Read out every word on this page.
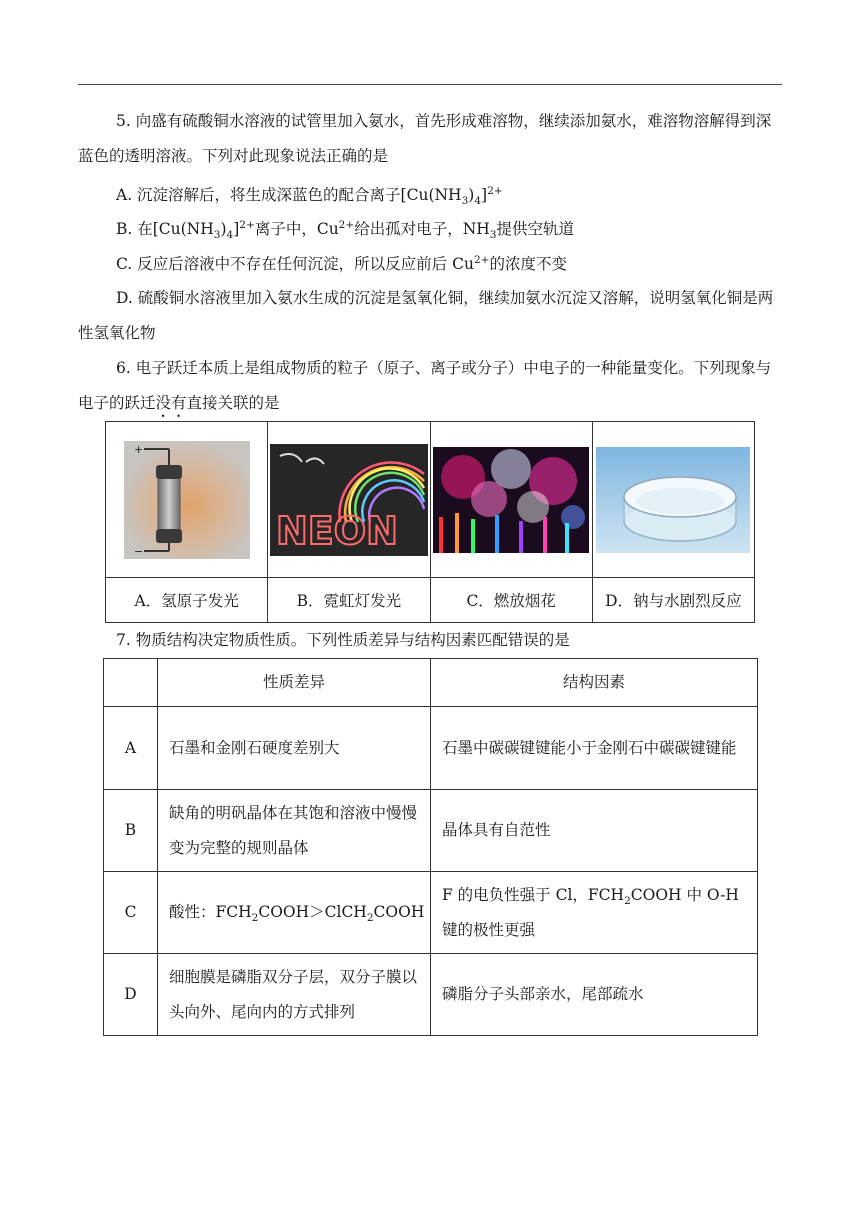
5. 向盛有硫酸铜水溶液的试管里加入氨水，首先形成难溶物，继续添加氨水，难溶物溶解得到深蓝色的透明溶液。下列对此现象说法正确的是
A. 沉淀溶解后，将生成深蓝色的配合离子$[Cu(NH_3)_4]^{2+}$
B. 在$[Cu(NH_3)_4]^{2+}$离子中，$Cu^{2+}$给出孤对电子，$NH_3$提供空轨道
C. 反应后溶液中不存在任何沉淀，所以反应前后 $Cu^{2+}$的浓度不变
D. 硫酸铜水溶液里加入氨水生成的沉淀是氢氧化铜，继续加氨水沉淀又溶解，说明氢氧化铜是两性氢氧化物
6. 电子跃迁本质上是组成物质的粒子（原子、离子或分子）中电子的一种能量变化。下列现象与电子的跃迁没有直接关联的是
+
−	NEON

A．氢原子发光	B．霓虹灯发光	C．燃放烟花	D．钠与水剧烈反应
7. 物质结构决定物质性质。下列性质差异与结构因素匹配错误的是
	性质差异	结构因素
A	石墨和金刚石硬度差别大	石墨中碳碳键键能小于金刚石中碳碳键键能
B	缺角的明矾晶体在其饱和溶液中慢慢变为完整的规则晶体	晶体具有自范性
C	酸性：$FCH_2COOH>ClCH_2COOH$	F 的电负性强于 Cl，$FCH_2COOH$ 中 O-H 键的极性更强
D	细胞膜是磷脂双分子层，双分子膜以头向外、尾向内的方式排列	磷脂分子头部亲水，尾部疏水
